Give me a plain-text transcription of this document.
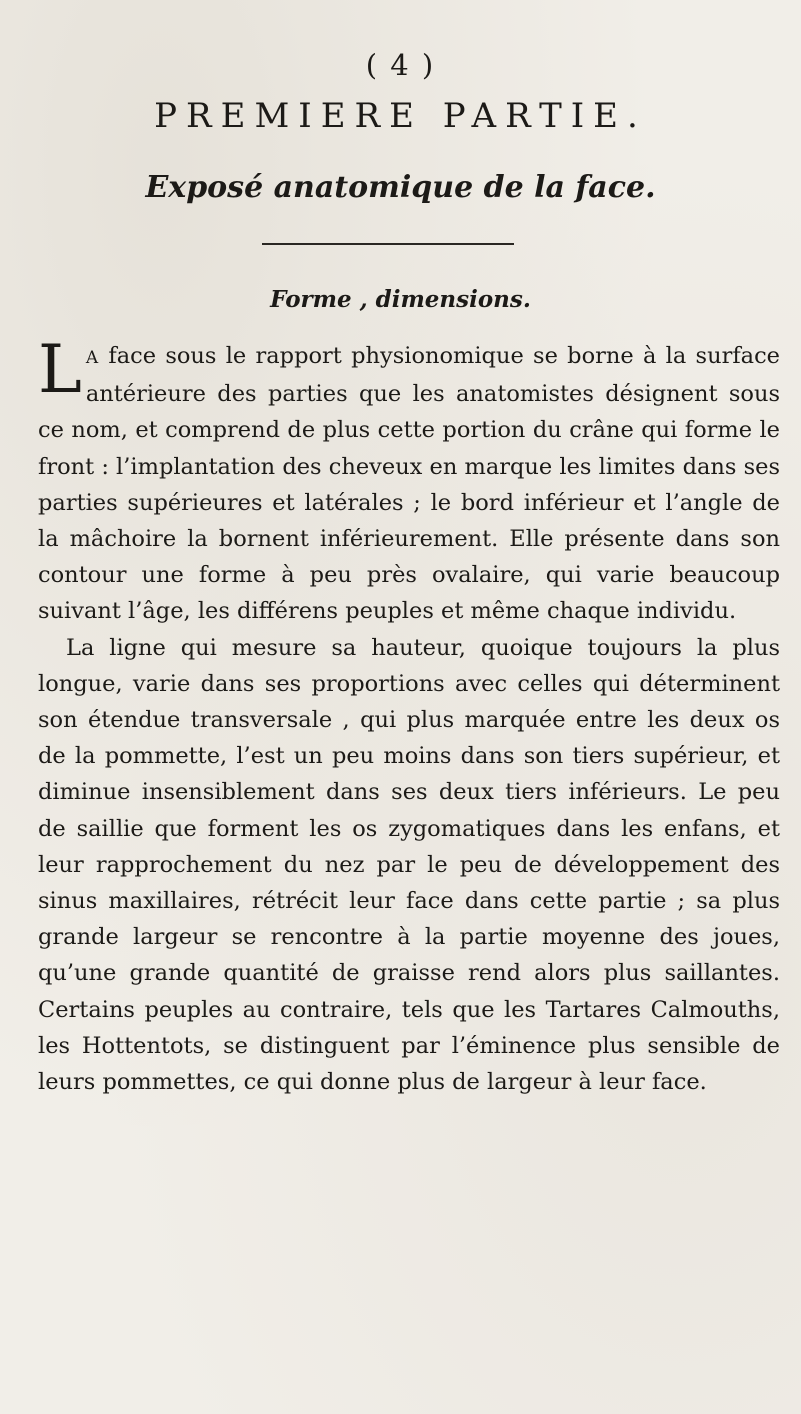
( 4 )
PREMIERE PARTIE.
Exposé anatomique de la face.
Forme , dimensions.

L A face sous le rapport physionomique se borne à la surface antérieure des parties que les anatomistes désignent sous ce nom, et comprend de plus cette portion du crâne qui forme le front : l’implantation des cheveux en marque les limites dans ses parties supérieures et latérales ; le bord inférieur et l’angle de la mâchoire la bornent inférieurement. Elle présente dans son contour une forme à peu près ovalaire, qui varie beaucoup suivant l’âge, les différens peuples et même chaque individu.

La ligne qui mesure sa hauteur, quoique toujours la plus longue, varie dans ses proportions avec celles qui déterminent son étendue transversale , qui plus marquée entre les deux os de la pommette, l’est un peu moins dans son tiers supérieur, et diminue insensiblement dans ses deux tiers inférieurs. Le peu de saillie que forment les os zygomatiques dans les enfans, et leur rapprochement du nez par le peu de développement des sinus maxillaires, rétrécit leur face dans cette partie ; sa plus grande largeur se rencontre à la partie moyenne des joues, qu’une grande quantité de graisse rend alors plus saillantes. Certains peuples au contraire, tels que les Tartares Calmouths, les Hottentots, se distinguent par l’éminence plus sensible de leurs pommettes, ce qui donne plus de largeur à leur face.
